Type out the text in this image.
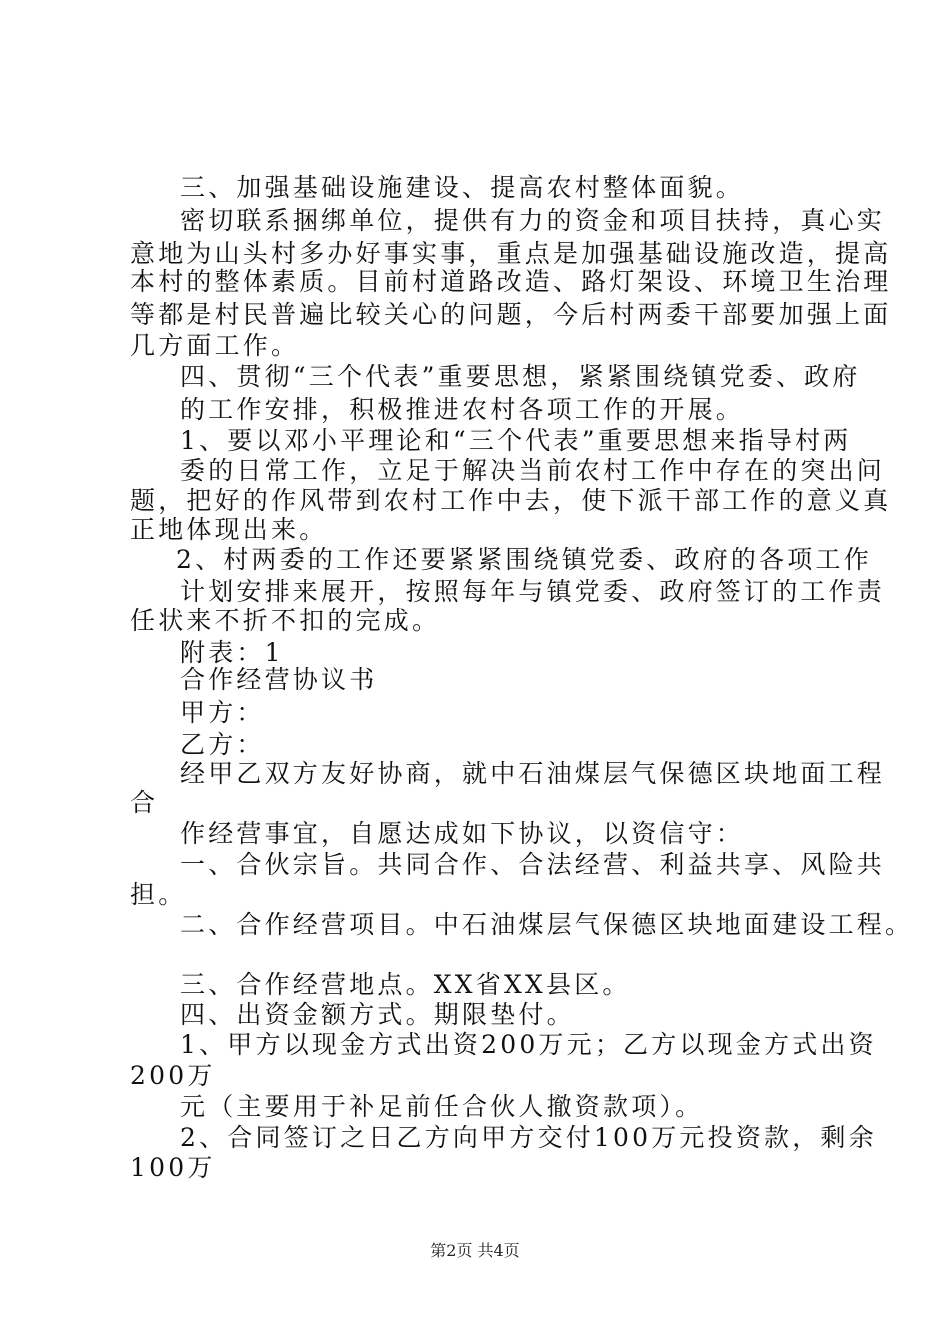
三、加强基础设施建设、提高农村整体面貌。
密切联系捆绑单位，提供有力的资金和项目扶持，真心实
意地为山头村多办好事实事，重点是加强基础设施改造，提高
本村的整体素质。目前村道路改造、路灯架设、环境卫生治理
等都是村民普遍比较关心的问题，今后村两委干部要加强上面
几方面工作。
四、贯彻“三个代表”重要思想，紧紧围绕镇党委、政府
的工作安排，积极推进农村各项工作的开展。
1、要以邓小平理论和“三个代表”重要思想来指导村两
委的日常工作，立足于解决当前农村工作中存在的突出问
题，把好的作风带到农村工作中去，使下派干部工作的意义真
正地体现出来。
2、村两委的工作还要紧紧围绕镇党委、政府的各项工作
计划安排来展开，按照每年与镇党委、政府签订的工作责
任状来不折不扣的完成。
附表：1
合作经营协议书
甲方：
乙方：
经甲乙双方友好协商，就中石油煤层气保德区块地面工程
合
作经营事宜，自愿达成如下协议，以资信守：
一、合伙宗旨。共同合作、合法经营、利益共享、风险共
担。
二、合作经营项目。中石油煤层气保德区块地面建设工程。
三、合作经营地点。XX省XX县区。
四、出资金额方式。期限垫付。
1、甲方以现金方式出资200万元；乙方以现金方式出资
200万
元（主要用于补足前任合伙人撤资款项）。
2、合同签订之日乙方向甲方交付100万元投资款，剩余
100万
第2页 共4页
